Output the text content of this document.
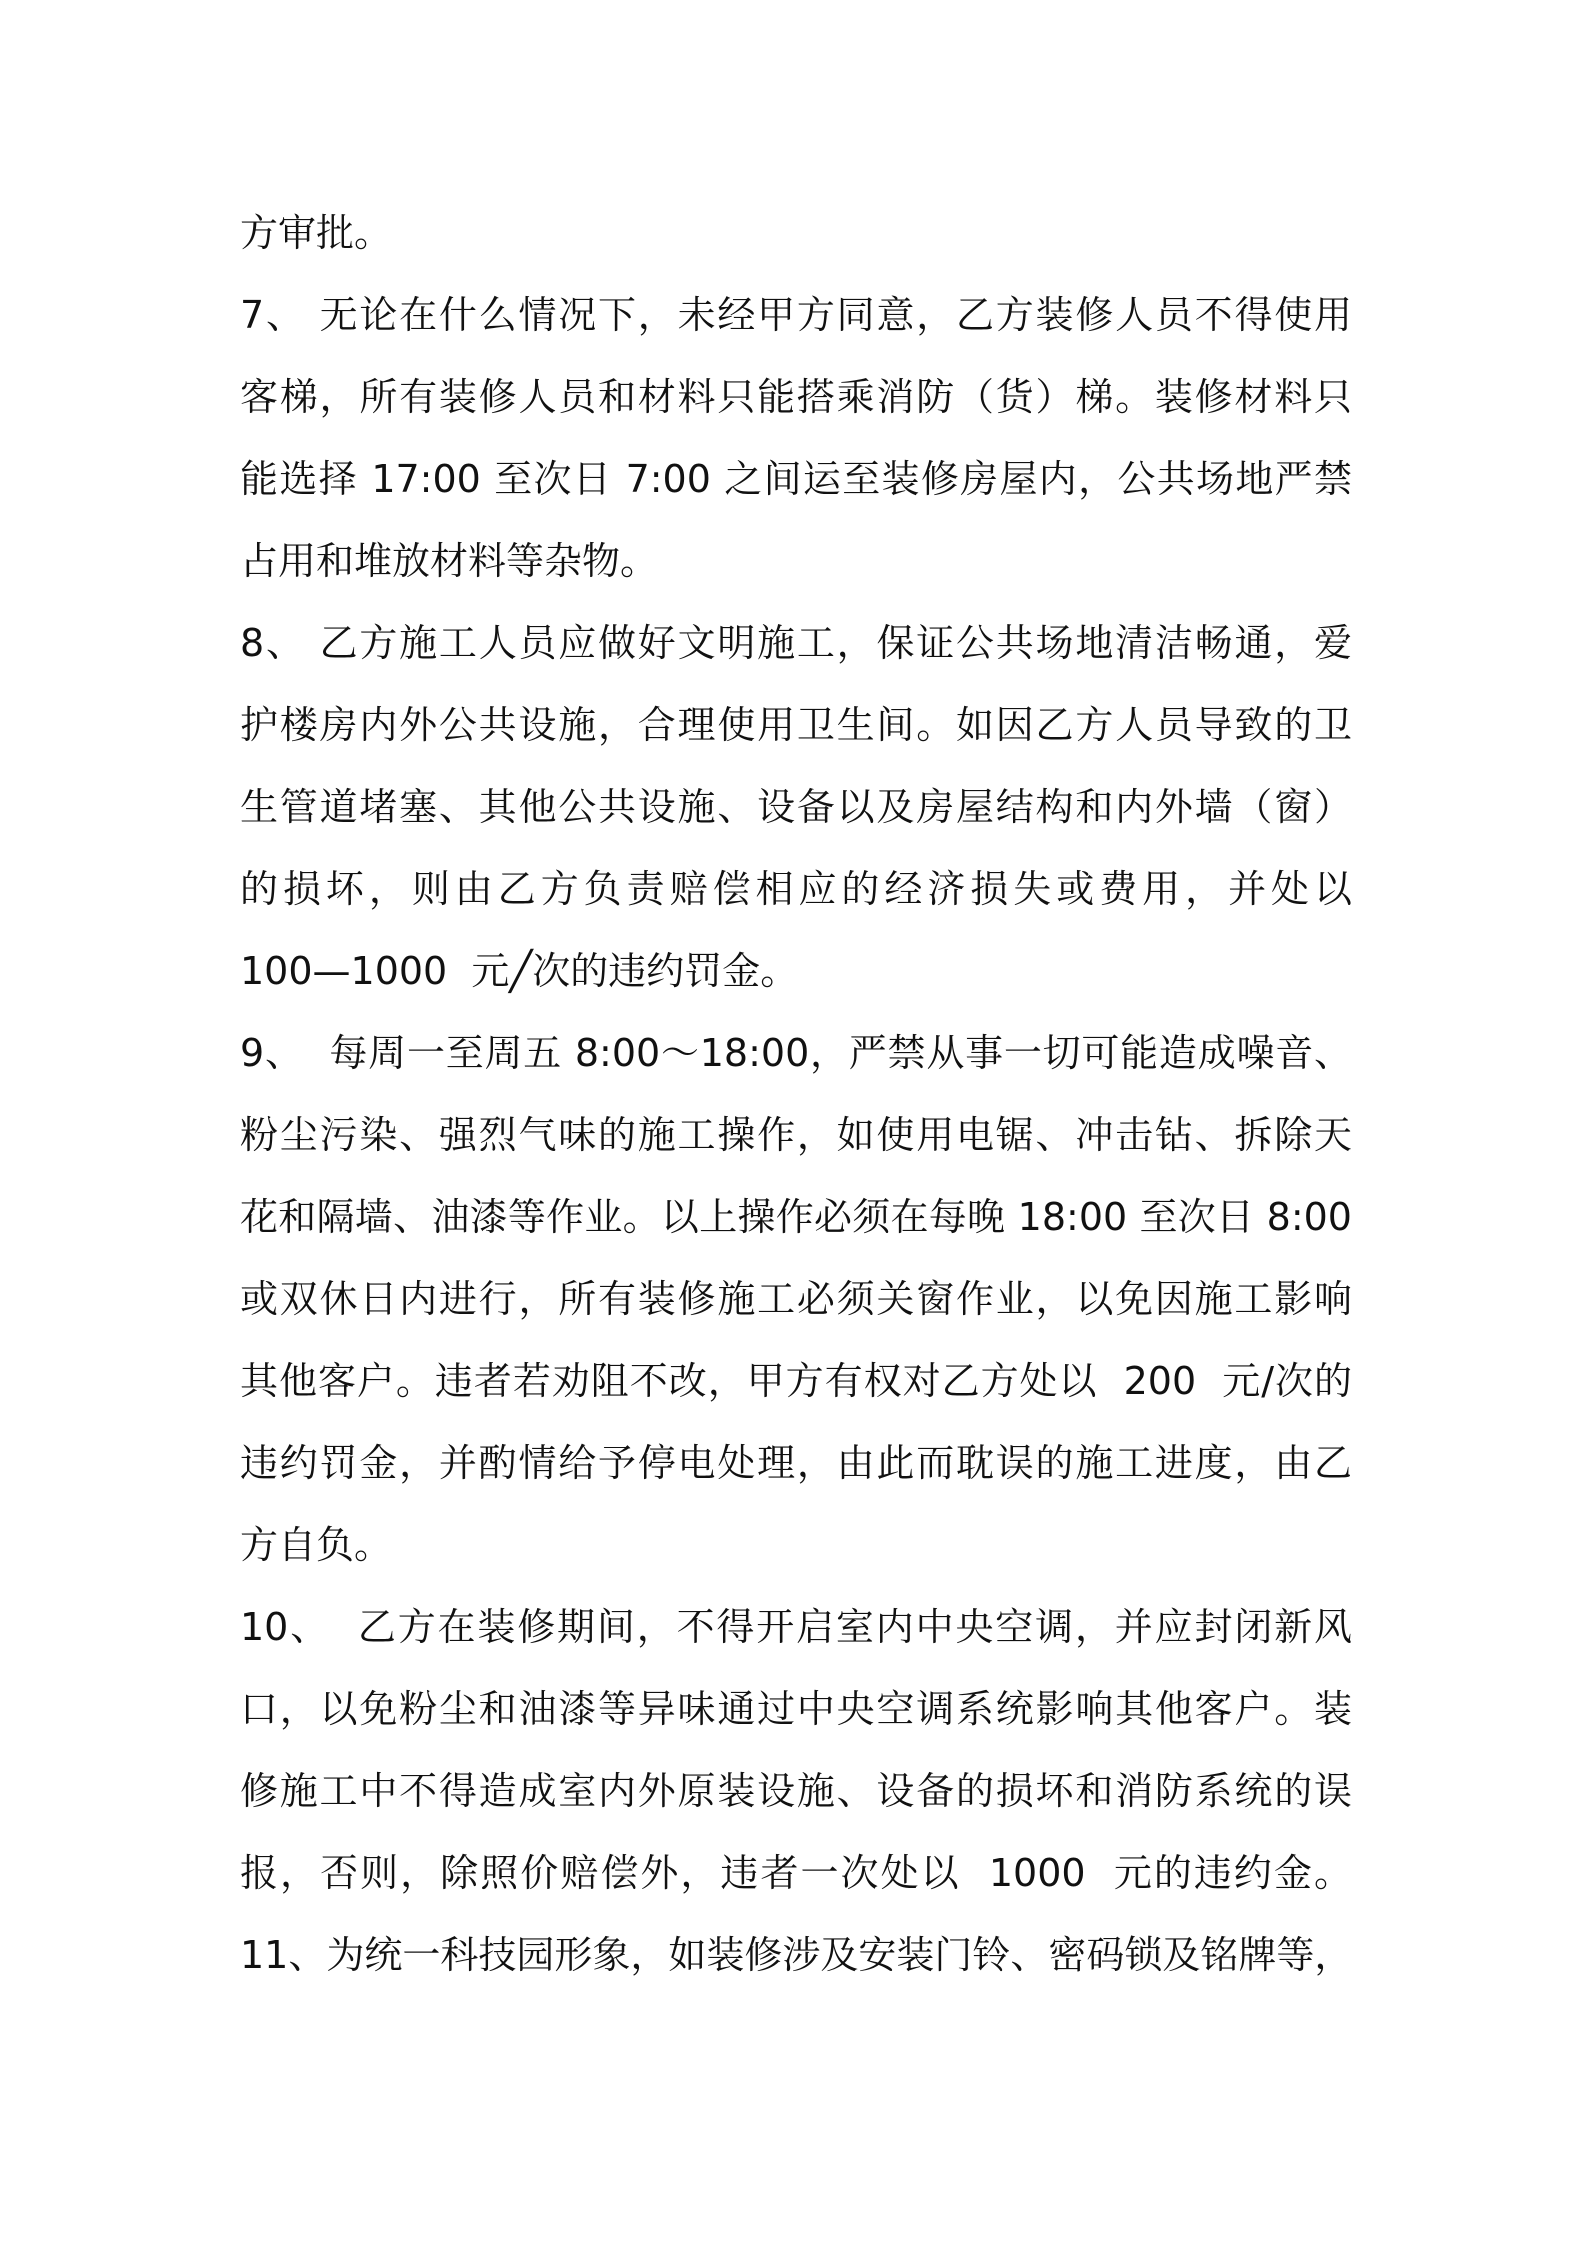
方审批。
7、 无论在什么情况下，未经甲方同意，乙方装修人员不得使用
客梯，所有装修人员和材料只能搭乘消防（货）梯。装修材料只
能选择 17:00 至次日 7:00 之间运至装修房屋内，公共场地严禁
占用和堆放材料等杂物。
8、 乙方施工人员应做好文明施工，保证公共场地清洁畅通，爱
护楼房内外公共设施，合理使用卫生间。如因乙方人员导致的卫
生管道堵塞、其他公共设施、设备以及房屋结构和内外墙（窗）
的损坏，则由乙方负责赔偿相应的经济损失或费用，并处以
100—1000  元╱次的违约罚金。
9、  每周一至周五 8:00～18:00，严禁从事一切可能造成噪音、
粉尘污染、强烈气味的施工操作，如使用电锯、冲击钻、拆除天
花和隔墙、油漆等作业。以上操作必须在每晚 18:00 至次日 8:00
或双休日内进行，所有装修施工必须关窗作业，以免因施工影响
其他客户。违者若劝阻不改，甲方有权对乙方处以  200  元/次的
违约罚金，并酌情给予停电处理，由此而耽误的施工进度，由乙
方自负。
10、  乙方在装修期间，不得开启室内中央空调，并应封闭新风
口，以免粉尘和油漆等异味通过中央空调系统影响其他客户。装
修施工中不得造成室内外原装设施、设备的损坏和消防系统的误
报，否则，除照价赔偿外，违者一次处以  1000  元的违约金。
11、为统一科技园形象，如装修涉及安装门铃、密码锁及铭牌等，
